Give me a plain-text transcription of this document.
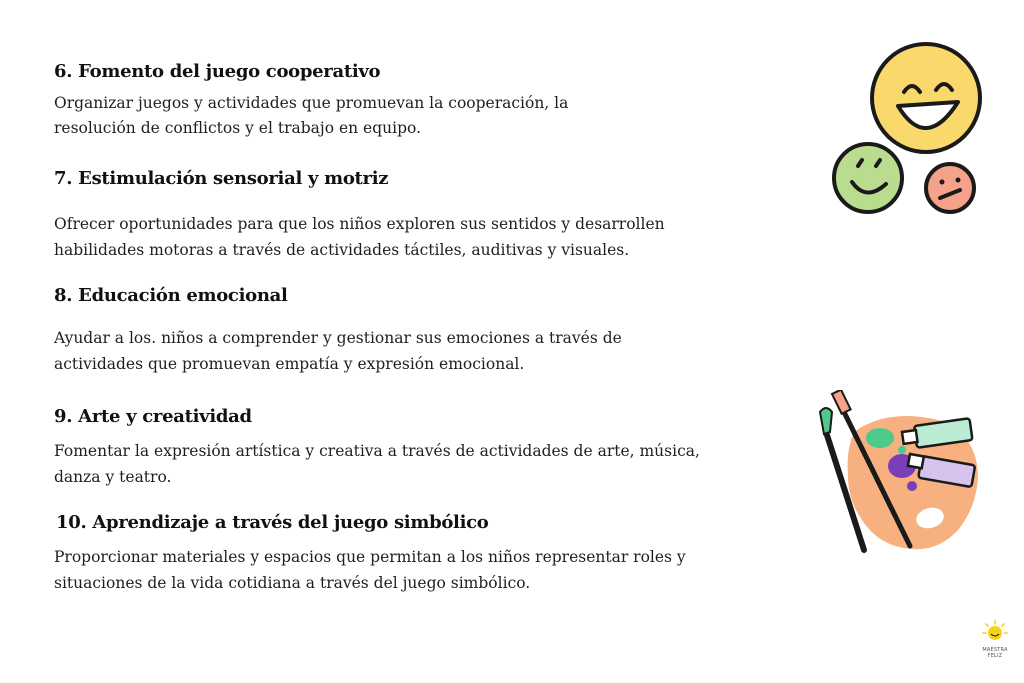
6. Fomento del juego cooperativo
Organizar juegos y actividades que promuevan la cooperación, la
resolución de conflictos y el trabajo en equipo.
7. Estimulación sensorial y motriz
Ofrecer oportunidades para que los niños exploren sus sentidos y desarrollen
habilidades motoras a través de actividades táctiles, auditivas y visuales.
8. Educación emocional
Ayudar a los. niños a comprender y gestionar sus emociones a través de
actividades que promuevan empatía y expresión emocional.
9. Arte y creatividad
Fomentar la expresión artística y creativa a través de actividades de arte, música,
danza y teatro.
10. Aprendizaje a través del juego simbólico
Proporcionar materiales y espacios que permitan a los niños representar roles y
situaciones de la vida cotidiana a través del juego simbólico.
MAESTRA
FELIZ
